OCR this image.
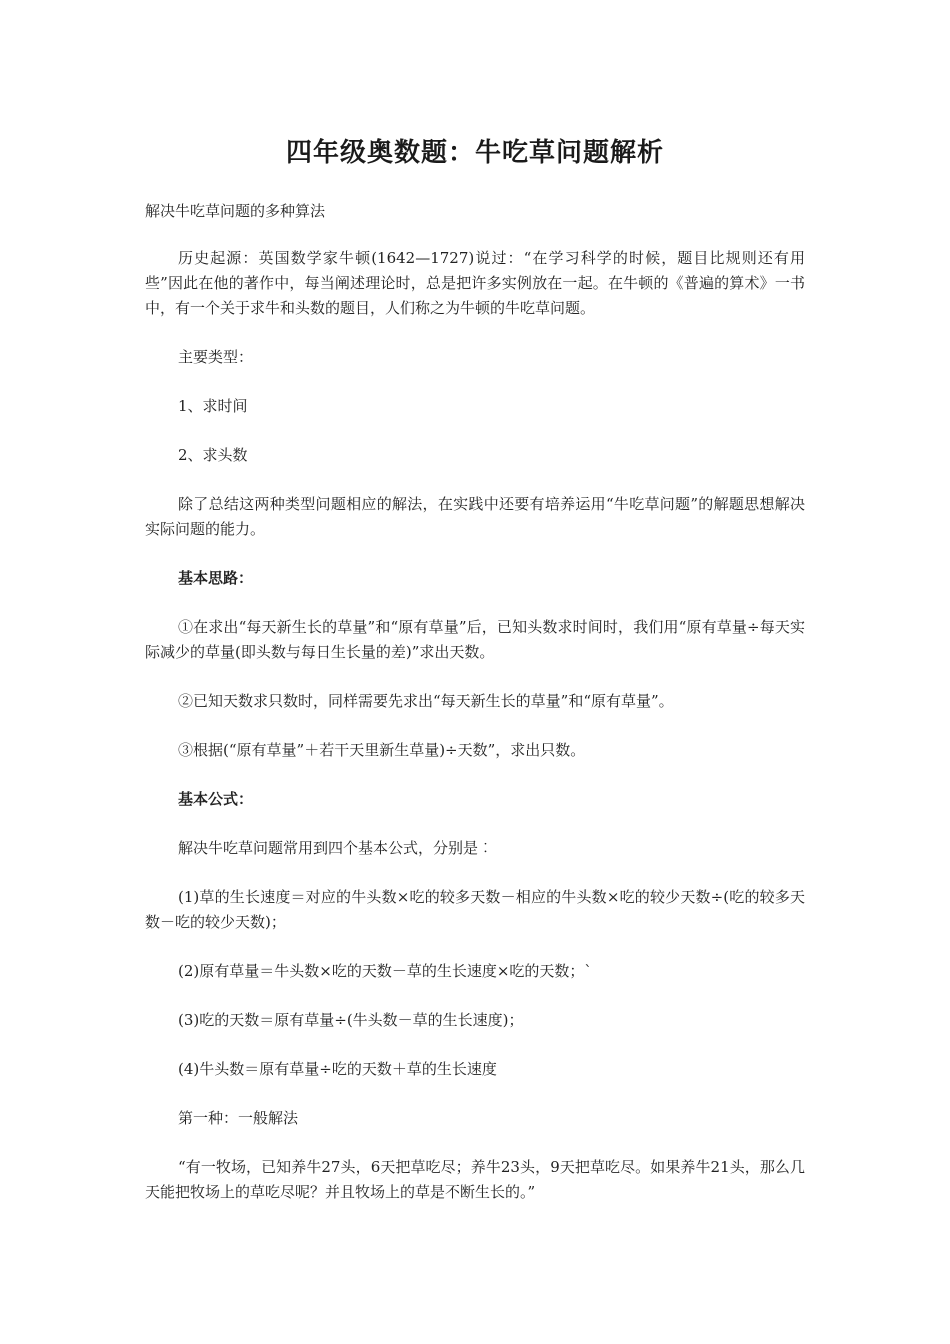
四年级奥数题：牛吃草问题解析

解决牛吃草问题的多种算法

历史起源：英国数学家牛顿(1642—1727)说过：“在学习科学的时候，题目比规则还有用些”因此在他的著作中，每当阐述理论时，总是把许多实例放在一起。在牛顿的《普遍的算术》一书中，有一个关于求牛和头数的题目，人们称之为牛顿的牛吃草问题。

主要类型：

1、求时间

2、求头数

除了总结这两种类型问题相应的解法，在实践中还要有培养运用“牛吃草问题”的解题思想解决实际问题的能力。

基本思路：

①在求出“每天新生长的草量”和“原有草量”后，已知头数求时间时，我们用“原有草量÷每天实际减少的草量(即头数与每日生长量的差)”求出天数。

②已知天数求只数时，同样需要先求出“每天新生长的草量”和“原有草量”。

③根据(“原有草量”＋若干天里新生草量)÷天数”，求出只数。

基本公式：

解决牛吃草问题常用到四个基本公式，分别是︰

(1)草的生长速度＝对应的牛头数×吃的较多天数－相应的牛头数×吃的较少天数÷(吃的较多天数－吃的较少天数)；

(2)原有草量＝牛头数×吃的天数－草的生长速度×吃的天数；`

(3)吃的天数＝原有草量÷(牛头数－草的生长速度)；

(4)牛头数＝原有草量÷吃的天数＋草的生长速度

第一种：一般解法

“有一牧场，已知养牛27头，6天把草吃尽；养牛23头，9天把草吃尽。如果养牛21头，那么几天能把牧场上的草吃尽呢？并且牧场上的草是不断生长的。”
